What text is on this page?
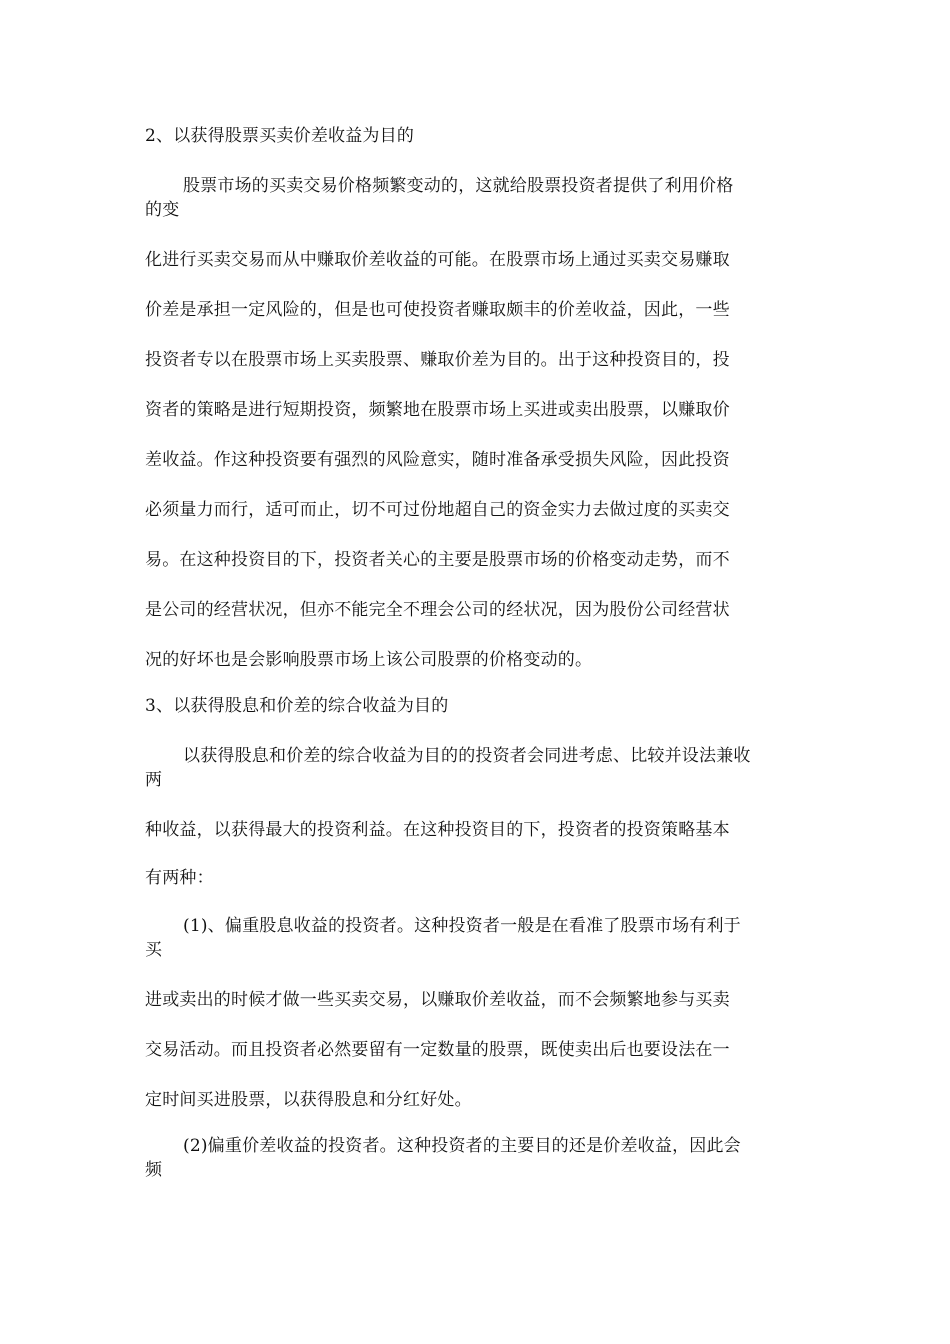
2、以获得股票买卖价差收益为目的
股票市场的买卖交易价格频繁变动的，这就给股票投资者提供了利用价格
的变
化进行买卖交易而从中赚取价差收益的可能。在股票市场上通过买卖交易赚取
价差是承担一定风险的，但是也可使投资者赚取颇丰的价差收益，因此，一些
投资者专以在股票市场上买卖股票、赚取价差为目的。出于这种投资目的，投
资者的策略是进行短期投资，频繁地在股票市场上买进或卖出股票，以赚取价
差收益。作这种投资要有强烈的风险意实，随时准备承受损失风险，因此投资
必须量力而行，适可而止，切不可过份地超自己的资金实力去做过度的买卖交
易。在这种投资目的下，投资者关心的主要是股票市场的价格变动走势，而不
是公司的经营状况，但亦不能完全不理会公司的经状况，因为股份公司经营状
况的好坏也是会影响股票市场上该公司股票的价格变动的。
3、以获得股息和价差的综合收益为目的
以获得股息和价差的综合收益为目的的投资者会同进考虑、比较并设法兼收
两
种收益，以获得最大的投资利益。在这种投资目的下，投资者的投资策略基本
有两种：
(1)、偏重股息收益的投资者。这种投资者一般是在看准了股票市场有利于
买
进或卖出的时候才做一些买卖交易，以赚取价差收益，而不会频繁地参与买卖
交易活动。而且投资者必然要留有一定数量的股票，既使卖出后也要设法在一
定时间买进股票，以获得股息和分红好处。
(2)偏重价差收益的投资者。这种投资者的主要目的还是价差收益，因此会
频
